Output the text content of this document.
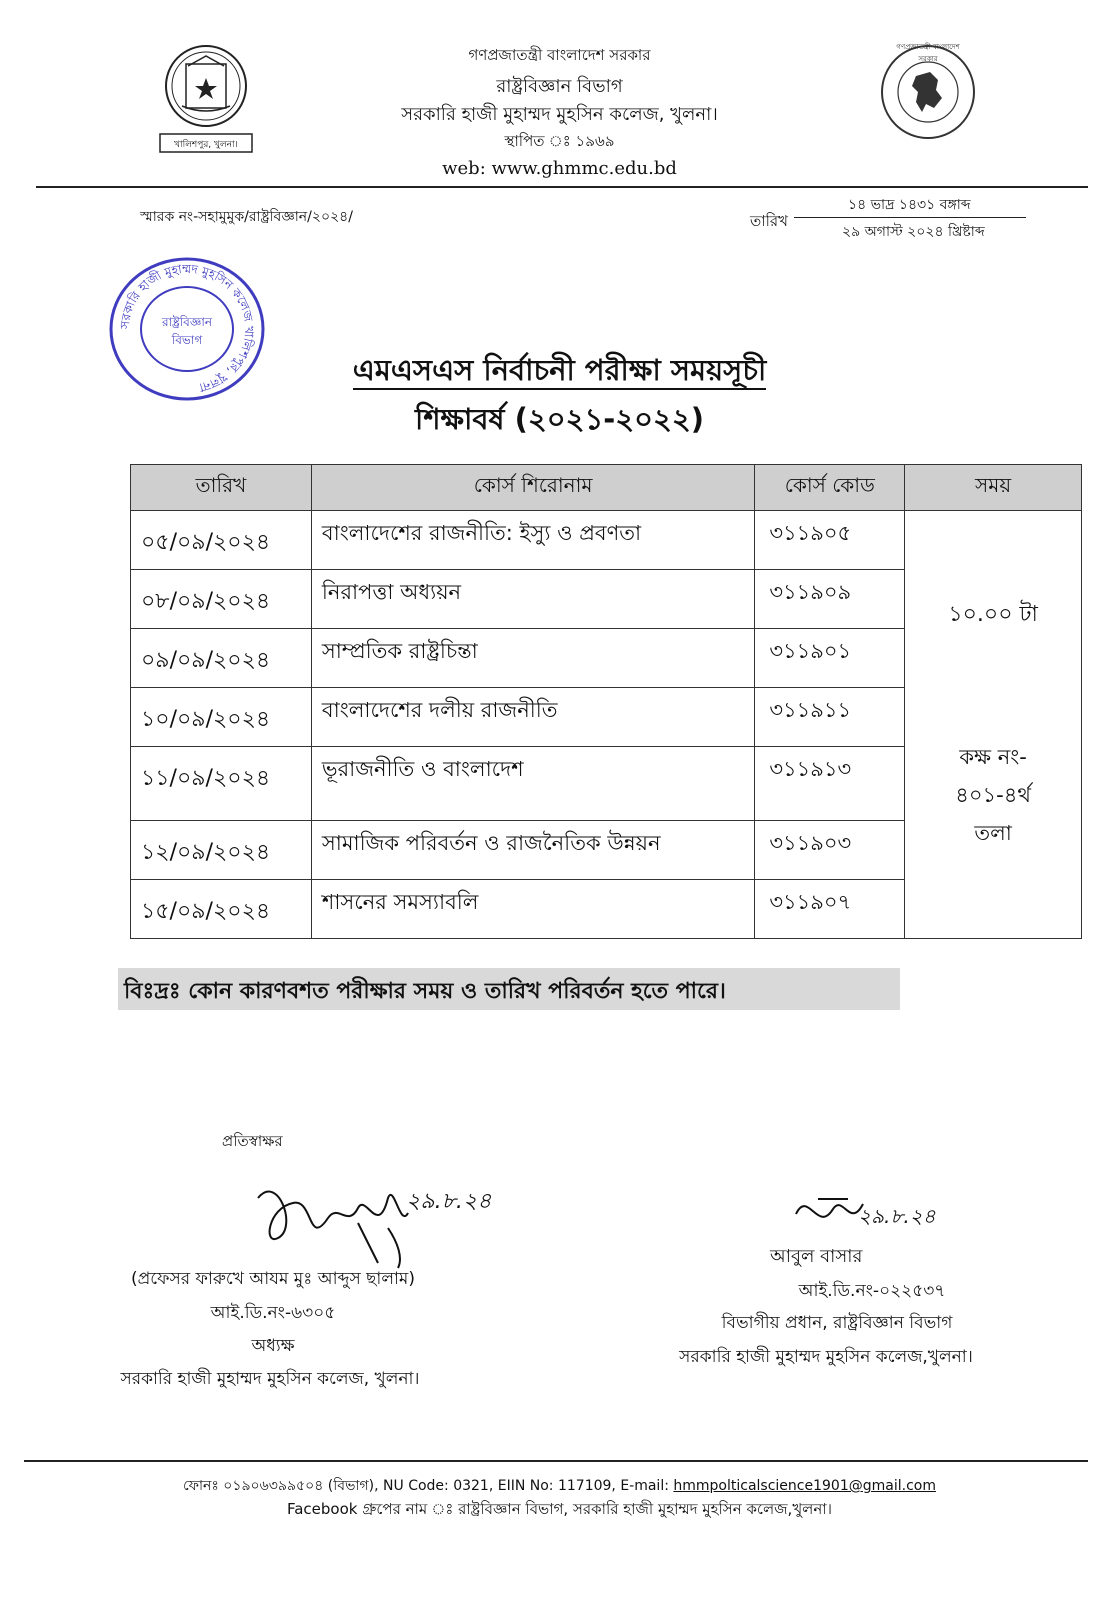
খালিশপুর, খুলনা।
গণপ্রজাতন্ত্রী বাংলাদেশ সরকার
গণপ্রজাতন্ত্রী বাংলাদেশ সরকার
রাষ্ট্রবিজ্ঞান বিভাগ
সরকারি হাজী মুহাম্মদ মুহসিন কলেজ, খুলনা।
স্থাপিত ঃ ১৯৬৯
web: www.ghmmc.edu.bd
স্মারক নং-সহামুমুক/রাষ্ট্রবিজ্ঞান/২০২৪/	তারিখ
১৪ ভাদ্র ১৪৩১ বঙ্গাব্দ
২৯ অগাস্ট ২০২৪ খ্রিষ্টাব্দ
সরকারি হাজী মুহাম্মদ মুহসিন কলেজ খালিশপুর, খুলনা
রাষ্ট্রবিজ্ঞান
বিভাগ
এমএসএস নির্বাচনী পরীক্ষা সময়সূচী
শিক্ষাবর্ষ (২০২১-২০২২)
তারিখ	কোর্স শিরোনাম	কোর্স কোড	সময়
০৫/০৯/২০২৪	বাংলাদেশের রাজনীতি: ইস্যু ও প্রবণতা	৩১১৯০৫	১০.০০ টা
কক্ষ নং-
৪০১-৪র্থ
তলা

০৮/০৯/২০২৪	নিরাপত্তা অধ্যয়ন	৩১১৯০৯	
০৯/০৯/২০২৪	সাম্প্রতিক রাষ্ট্রচিন্তা	৩১১৯০১	
১০/০৯/২০২৪	বাংলাদেশের দলীয় রাজনীতি	৩১১৯১১	
১১/০৯/২০২৪	ভূরাজনীতি ও বাংলাদেশ	৩১১৯১৩	
১২/০৯/২০২৪	সামাজিক পরিবর্তন ও রাজনৈতিক উন্নয়ন	৩১১৯০৩	
১৫/০৯/২০২৪	শাসনের সমস্যাবলি	৩১১৯০৭	
বিঃদ্রঃ কোন কারণবশত পরীক্ষার সময় ও তারিখ পরিবর্তন হতে পারে।
প্রতিস্বাক্ষর
২৯.৮.২৪
(প্রফেসর ফারুখে আযম মুঃ আব্দুস ছালাম)
আই.ডি.নং-৬৩০৫
অধ্যক্ষ
সরকারি হাজী মুহাম্মদ মুহসিন কলেজ, খুলনা।
২৯.৮.২৪
আবুল বাসার
আই.ডি.নং-০২২৫৩৭
বিভাগীয় প্রধান, রাষ্ট্রবিজ্ঞান বিভাগ
সরকারি হাজী মুহাম্মদ মুহসিন কলেজ,খুলনা।
ফোনঃ ০১৯০৬৩৯৯৫০৪ (বিভাগ), NU Code: 0321, EIIN No: 117109, E-mail: hmmpolticalscience1901@gmail.com
Facebook গ্রুপের নাম ঃ রাষ্ট্রবিজ্ঞান বিভাগ, সরকারি হাজী মুহাম্মদ মুহসিন কলেজ,খুলনা।
